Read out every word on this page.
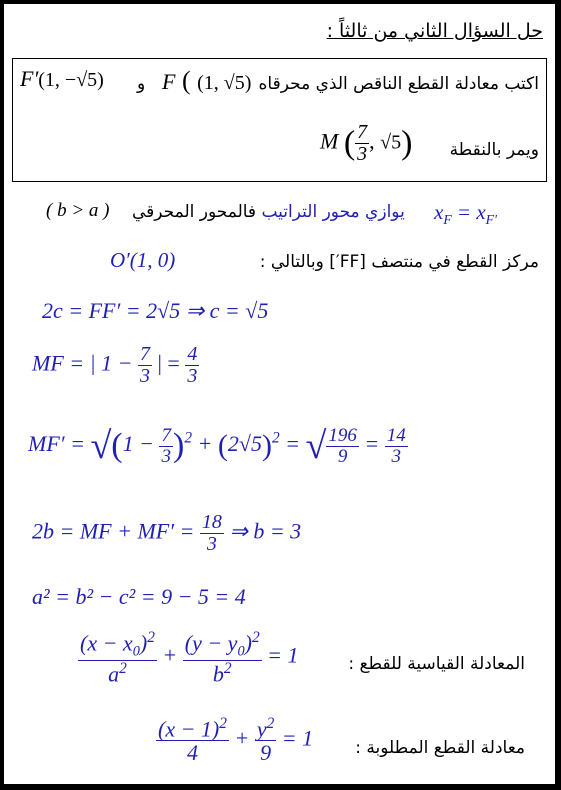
حل السؤال الثاني من ثالثاً :
اكتب معادلة القطع الناقص الذي محرقاه
F ( (1, √5)
و
F′(1, −√5)
ويمر بالنقطة
M ( $\frac{7}{3}$ , √5)
$x_F = x_{F'}$
يوازي محور التراتيب فالمحور المحرقي
( b > a )
مركز القطع في منتصف [FF′] وبالتالي :
O′(1, 0)
2c = FF′ = 2√5 ⇒ c = √5
MF = | $1 - \frac{7}{3}$ | = $\frac{4}{3}$
$MF' = √(1 - \frac{7}{3} )^2 + (2√5)^2$ = √ $\frac{196}{9} = \frac{14}{3}$
2b = MF + $MF' = \frac{18}{3}$ ⇒ b = 3
a² = b² − c² = 9 − 5 = 4
$\frac{(x - x_0)^2}{a^2} + \frac{(y - y_0)^2}{b^2} = 1$	المعادلة القياسية للقطع :
$\frac{(x - 1)^2}{4} + \frac{y^2}{9} = 1$ معادلة القطع المطلوبة :
